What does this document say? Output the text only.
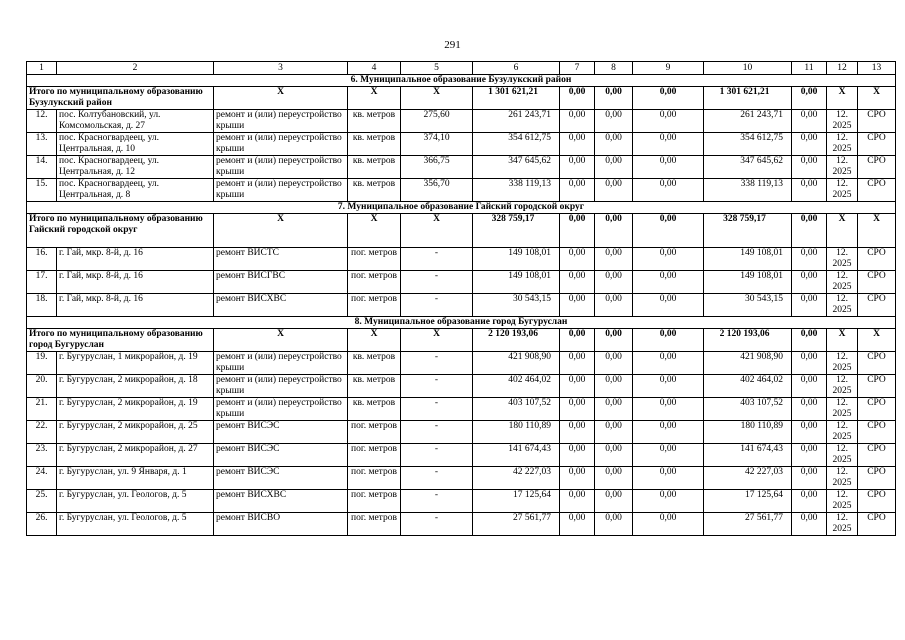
291
1	2	3	4	5	6	7	8	9	10	11	12	13
6. Муниципальное образование Бузулукский район												
Итого по муниципальному образованию Бузулукский район		X	X	X	1 301 621,21	0,00	0,00	0,00	1 301 621,21	0,00	X	X
12.	пос. Колтубановский, ул. Комсомольская, д. 27	ремонт и (или) переустройство крыши	кв. метров	275,60	261 243,71	0,00	0,00	0,00	261 243,71	0,00	12. 2025	СРО
13.	пос. Красногвардеец, ул. Центральная, д. 10	ремонт и (или) переустройство крыши	кв. метров	374,10	354 612,75	0,00	0,00	0,00	354 612,75	0,00	12. 2025	СРО
14.	пос. Красногвардеец, ул. Центральная, д. 12	ремонт и (или) переустройство крыши	кв. метров	366,75	347 645,62	0,00	0,00	0,00	347 645,62	0,00	12. 2025	СРО
15.	пос. Красногвардеец, ул. Центральная, д. 8	ремонт и (или) переустройство крыши	кв. метров	356,70	338 119,13	0,00	0,00	0,00	338 119,13	0,00	12. 2025	СРО
7. Муниципальное образование Гайский городской округ												
Итого по муниципальному образованию Гайский городской округ		X	X	X	328 759,17	0,00	0,00	0,00	328 759,17	0,00	X	X
16.	г. Гай, мкр. 8-й, д. 16	ремонт ВИСТС	пог. метров	-	149 108,01	0,00	0,00	0,00	149 108,01	0,00	12. 2025	СРО
17.	г. Гай, мкр. 8-й, д. 16	ремонт ВИСГВС	пог. метров	-	149 108,01	0,00	0,00	0,00	149 108,01	0,00	12. 2025	СРО
18.	г. Гай, мкр. 8-й, д. 16	ремонт ВИСХВС	пог. метров	-	30 543,15	0,00	0,00	0,00	30 543,15	0,00	12. 2025	СРО
8. Муниципальное образование город Бугуруслан												
Итого по муниципальному образованию город Бугуруслан		X	X	X	2 120 193,06	0,00	0,00	0,00	2 120 193,06	0,00	X	X
19.	г. Бугуруслан, 1 микрорайон, д. 19	ремонт и (или) переустройство крыши	кв. метров	-	421 908,90	0,00	0,00	0,00	421 908,90	0,00	12. 2025	СРО
20.	г. Бугуруслан, 2 микрорайон, д. 18	ремонт и (или) переустройство крыши	кв. метров	-	402 464,02	0,00	0,00	0,00	402 464,02	0,00	12. 2025	СРО
21.	г. Бугуруслан, 2 микрорайон, д. 19	ремонт и (или) переустройство крыши	кв. метров	-	403 107,52	0,00	0,00	0,00	403 107,52	0,00	12. 2025	СРО
22.	г. Бугуруслан, 2 микрорайон, д. 25	ремонт ВИСЭС	пог. метров	-	180 110,89	0,00	0,00	0,00	180 110,89	0,00	12. 2025	СРО
23.	г. Бугуруслан, 2 микрорайон, д. 27	ремонт ВИСЭС	пог. метров	-	141 674,43	0,00	0,00	0,00	141 674,43	0,00	12. 2025	СРО
24.	г. Бугуруслан, ул. 9 Января, д. 1	ремонт ВИСЭС	пог. метров	-	42 227,03	0,00	0,00	0,00	42 227,03	0,00	12. 2025	СРО
25.	г. Бугуруслан, ул. Геологов, д. 5	ремонт ВИСХВС	пог. метров	-	17 125,64	0,00	0,00	0,00	17 125,64	0,00	12. 2025	СРО
26.	г. Бугуруслан, ул. Геологов, д. 5	ремонт ВИСВО	пог. метров	-	27 561,77	0,00	0,00	0,00	27 561,77	0,00	12. 2025	СРО
